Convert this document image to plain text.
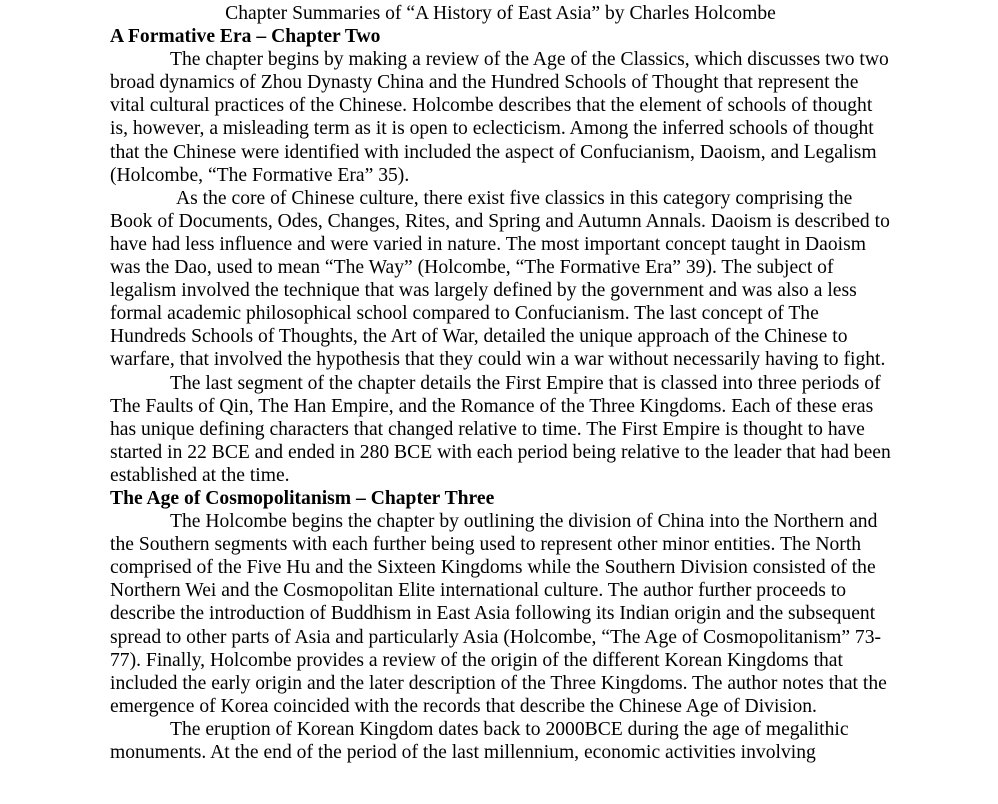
Chapter Summaries of “A History of East Asia” by Charles Holcombe
A Formative Era – Chapter Two
The chapter begins by making a review of the Age of the Classics, which discusses two two broad dynamics of Zhou Dynasty China and the Hundred Schools of Thought that represent the vital cultural practices of the Chinese. Holcombe describes that the element of schools of thought is, however, a misleading term as it is open to eclecticism. Among the inferred schools of thought that the Chinese were identified with included the aspect of Confucianism, Daoism, and Legalism (Holcombe, “The Formative Era” 35).
As the core of Chinese culture, there exist five classics in this category comprising the Book of Documents, Odes, Changes, Rites, and Spring and Autumn Annals. Daoism is described to have had less influence and were varied in nature. The most important concept taught in Daoism was the Dao, used to mean “The Way” (Holcombe, “The Formative Era” 39). The subject of legalism involved the technique that was largely defined by the government and was also a less formal academic philosophical school compared to Confucianism. The last concept of The Hundreds Schools of Thoughts, the Art of War, detailed the unique approach of the Chinese to warfare, that involved the hypothesis that they could win a war without necessarily having to fight.
The last segment of the chapter details the First Empire that is classed into three periods of The Faults of Qin, The Han Empire, and the Romance of the Three Kingdoms. Each of these eras has unique defining characters that changed relative to time. The First Empire is thought to have started in 22 BCE and ended in 280 BCE with each period being relative to the leader that had been established at the time.
The Age of Cosmopolitanism – Chapter Three
The Holcombe begins the chapter by outlining the division of China into the Northern and the Southern segments with each further being used to represent other minor entities. The North comprised of the Five Hu and the Sixteen Kingdoms while the Southern Division consisted of the Northern Wei and the Cosmopolitan Elite international culture. The author further proceeds to describe the introduction of Buddhism in East Asia following its Indian origin and the subsequent spread to other parts of Asia and particularly Asia (Holcombe, “The Age of Cosmopolitanism” 73-77). Finally, Holcombe provides a review of the origin of the different Korean Kingdoms that included the early origin and the later description of the Three Kingdoms. The author notes that the emergence of Korea coincided with the records that describe the Chinese Age of Division.
The eruption of Korean Kingdom dates back to 2000BCE during the age of megalithic monuments. At the end of the period of the last millennium, economic activities involving
